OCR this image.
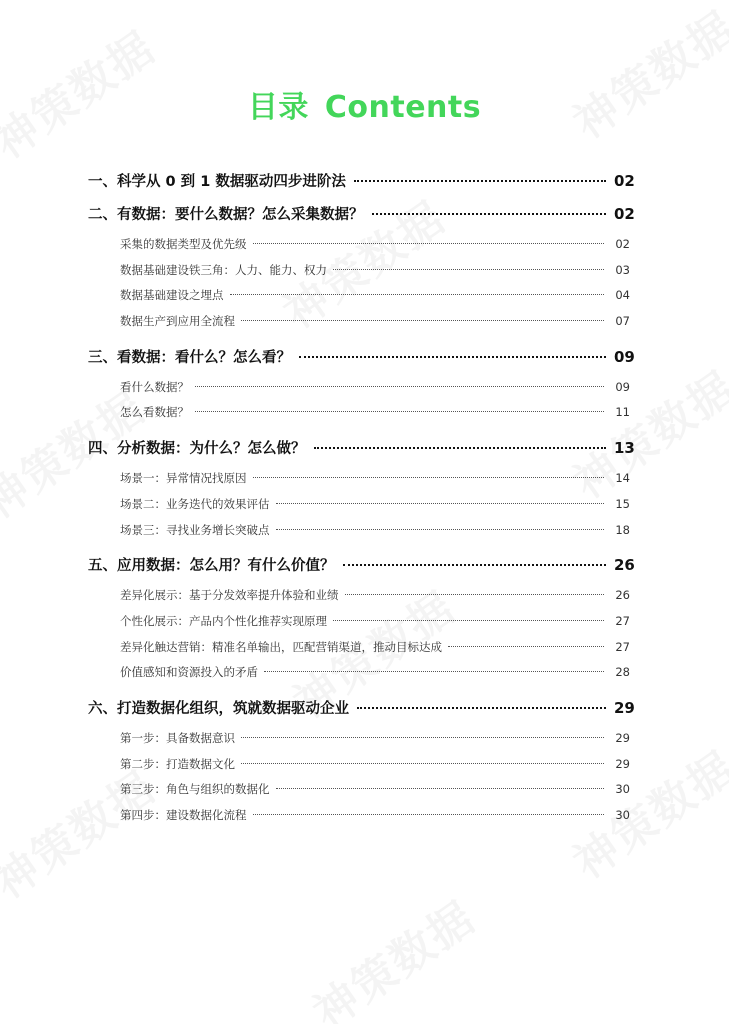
目录 Contents
一、科学从 0 到 1 数据驱动四步进阶法	02
二、有数据：要什么数据？怎么采集数据？	02
采集的数据类型及优先级	02
数据基础建设铁三角：人力、能力、权力	03
数据基础建设之埋点	04
数据生产到应用全流程	07
三、看数据：看什么？怎么看？	09
看什么数据？	09
怎么看数据？	11
四、分析数据：为什么？怎么做？	13
场景一：异常情况找原因	14
场景二：业务迭代的效果评估	15
场景三：寻找业务增长突破点	18
五、应用数据：怎么用？有什么价值？	26
差异化展示：基于分发效率提升体验和业绩	26
个性化展示：产品内个性化推荐实现原理	27
差异化触达营销：精准名单输出，匹配营销渠道，推动目标达成	27
价值感知和资源投入的矛盾	28
六、打造数据化组织，筑就数据驱动企业	29
第一步：具备数据意识	29
第二步：打造数据文化	29
第三步：角色与组织的数据化	30
第四步：建设数据化流程	30
